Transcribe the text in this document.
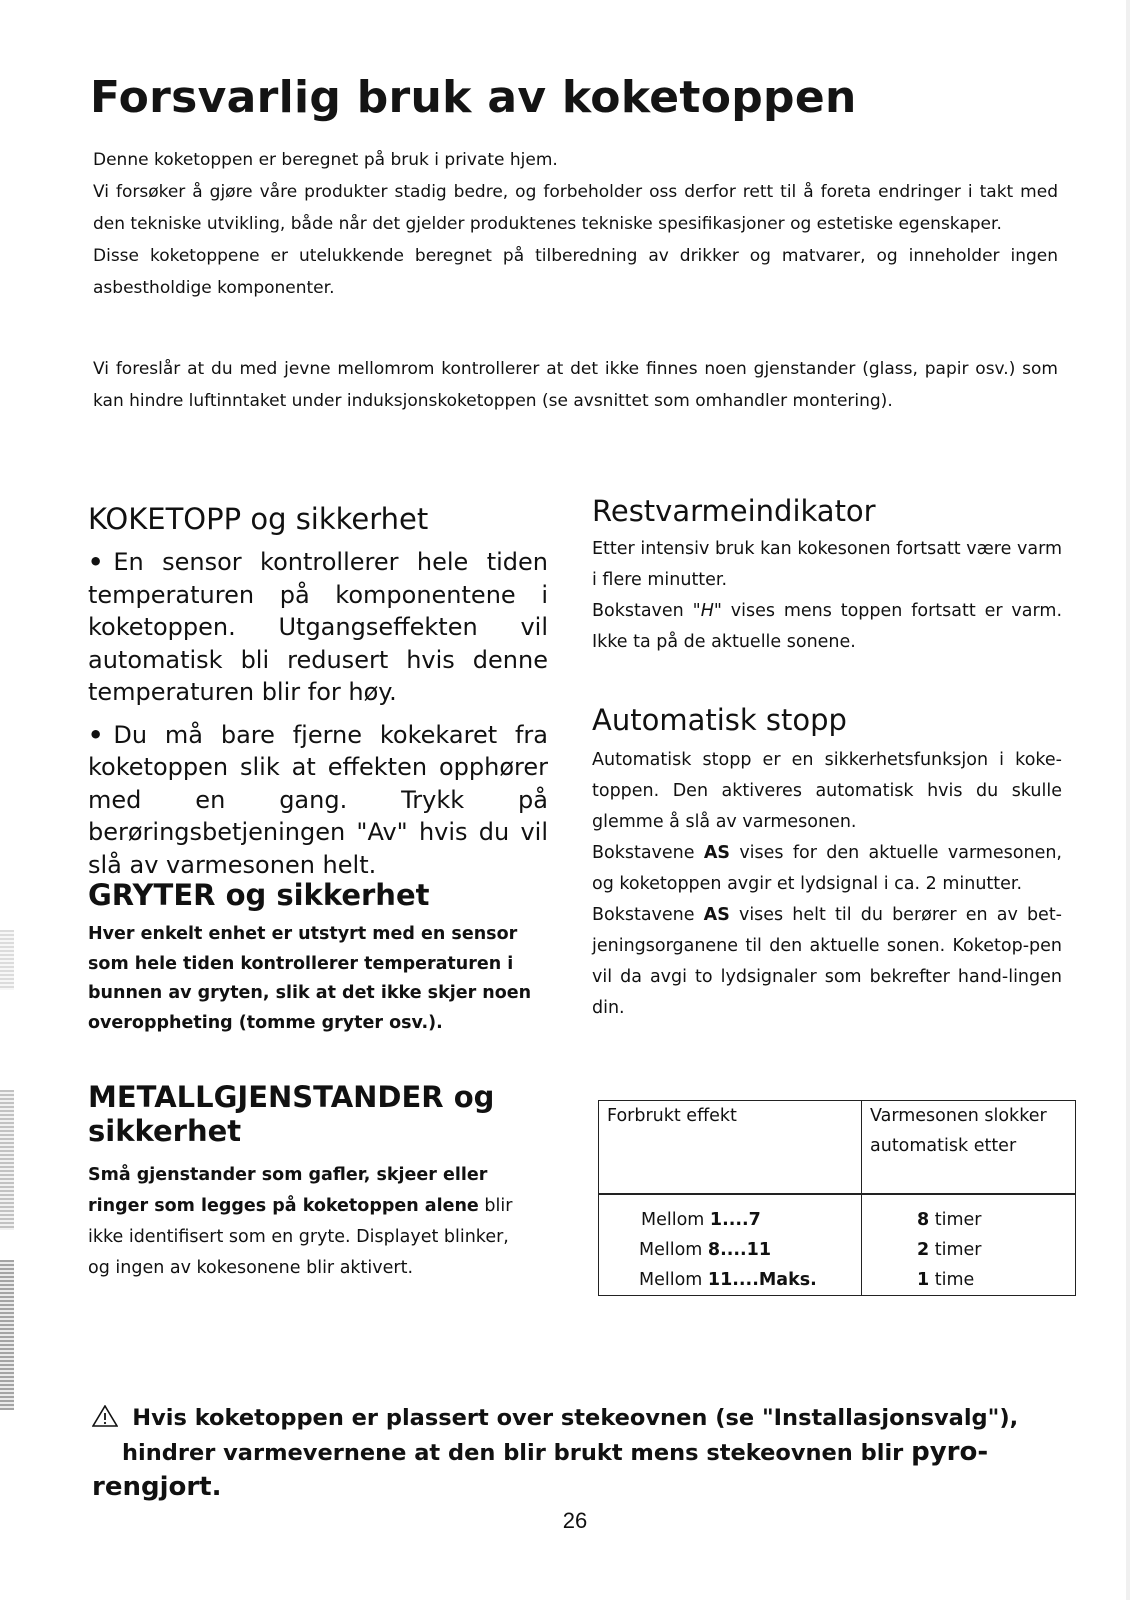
Forsvarlig bruk av koketoppen

Denne koketoppen er beregnet på bruk i private hjem.
Vi forsøker å gjøre våre produkter stadig bedre, og forbeholder oss derfor rett til å foreta endringer i takt med den tekniske utvikling, både når det gjelder produktenes tekniske spesifikasjoner og estetiske egenskaper.
Disse koketoppene er utelukkende beregnet på tilberedning av drikker og matvarer, og inneholder ingen asbestholdige komponenter.

Vi foreslår at du med jevne mellomrom kontrollerer at det ikke finnes noen gjenstander (glass, papir osv.) som kan hindre luftinntaket under induksjonskoketoppen (se avsnittet som omhandler montering).

KOKETOPP og sikkerhet
• En sensor kontrollerer hele tiden temperaturen på komponentene i koketoppen. Utgangseffekten vil automatisk bli redusert hvis denne temperaturen blir for høy.
• Du må bare fjerne kokekaret fra koketoppen slik at effekten opphører med en gang. Trykk på berøringsbetjeningen "Av" hvis du vil slå av varmesonen helt.
GRYTER og sikkerhet

Hver enkelt enhet er utstyrt med en sensor som hele tiden kontrollerer temperaturen i bunnen av gryten, slik at det ikke skjer noen overoppheting (tomme gryter osv.).

METALLGJENSTANDER og sikkerhet

Små gjenstander som gafler, skjeer eller ringer som legges på koketoppen alene blir ikke identifisert som en gryte. Displayet blinker, og ingen av kokesonene blir aktivert.

Restvarmeindikator

Etter intensiv bruk kan kokesonen fortsatt være varm i flere minutter.

Bokstaven "H" vises mens toppen fortsatt er varm. Ikke ta på de aktuelle sonene.

Automatisk stopp

Automatisk stopp er en sikkerhetsfunksjon i koke-toppen. Den aktiveres automatisk hvis du skulle glemme å slå av varmesonen.

Bokstavene AS vises for den aktuelle varmesonen, og koketoppen avgir et lydsignal i ca. 2 minutter.

Bokstavene AS vises helt til du berører en av bet-jeningsorganene til den aktuelle sonen. Koketop-pen vil da avgi to lydsignaler som bekrefter hand-lingen din.

Forbrukt effekt	Varmesonen slokker automatisk etter
Mellom 1....7	8 timer
Mellom 8....11	2 timer
Mellom 11....Maks.	1 time

Hvis koketoppen er plassert over stekeovnen (se "Installasjonsvalg"),
hindrer varmevernene at den blir brukt mens stekeovnen blir pyro-rengjort.

26
